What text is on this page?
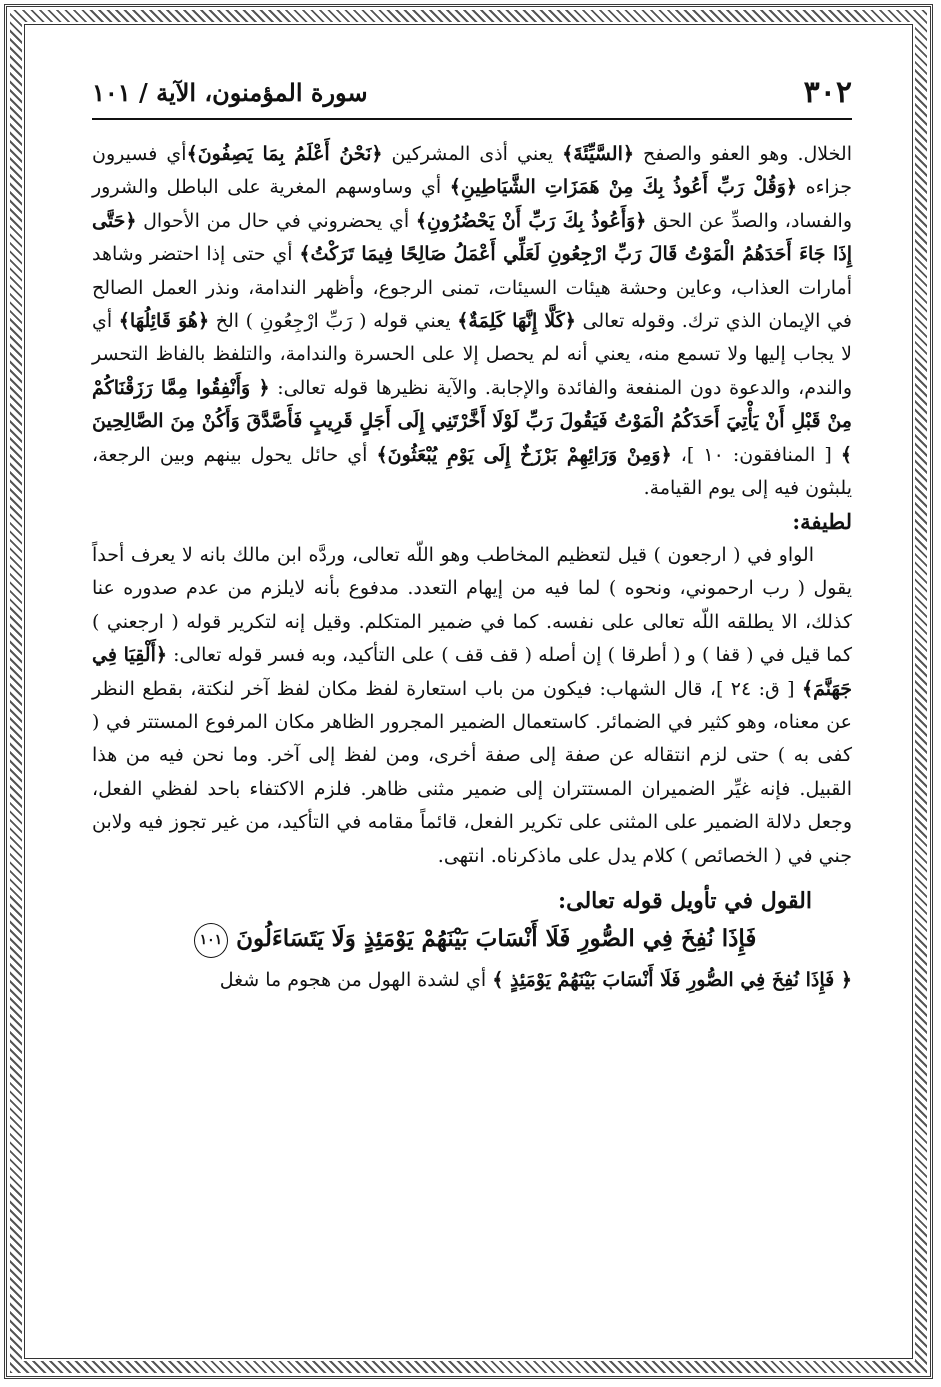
٣٠٢
سورة المؤمنون، الآية / ١٠١

الخلال. وهو العفو والصفح ﴿السَّيِّئَةَ﴾ يعني أذى المشركين ﴿نَحْنُ أَعْلَمُ بِمَا يَصِفُونَ﴾أي فسيرون جزاءه ﴿وَقُلْ رَبِّ أَعُوذُ بِكَ مِنْ هَمَزَاتِ الشَّيَاطِينِ﴾ أي وساوسهم المغرية على الباطل والشرور والفساد، والصدِّ عن الحق ﴿وَأَعُوذُ بِكَ رَبِّ أَنْ يَحْضُرُونِ﴾ أي يحضروني في حال من الأحوال ﴿حَتَّى إِذَا جَاءَ أَحَدَهُمُ الْمَوْتُ قَالَ رَبِّ ارْجِعُونِ لَعَلِّي أَعْمَلُ صَالِحًا فِيمَا تَرَكْتُ﴾ أي حتى إذا احتضر وشاهد أمارات العذاب، وعاين وحشة هيئات السيئات، تمنى الرجوع، وأظهر الندامة، ونذر العمل الصالح في الإيمان الذي ترك. وقوله تعالى ﴿كَلَّا إِنَّهَا كَلِمَةٌ﴾ يعني قوله ( رَبِّ ارْجِعُونِ ) الخ ﴿هُوَ قَائِلُهَا﴾ أي لا يجاب إليها ولا تسمع منه، يعني أنه لم يحصل إلا على الحسرة والندامة، والتلفظ بالفاظ التحسر والندم، والدعوة دون المنفعة والفائدة والإجابة. والآية نظيرها قوله تعالى: ﴿ وَأَنْفِقُوا مِمَّا رَزَقْنَاكُمْ مِنْ قَبْلِ أَنْ يَأْتِيَ أَحَدَكُمُ الْمَوْتُ فَيَقُولَ رَبِّ لَوْلَا أَخَّرْتَنِي إِلَى أَجَلٍ قَرِيبٍ فَأَصَّدَّقَ وَأَكُنْ مِنَ الصَّالِحِينَ ﴾ [ المنافقون: ١٠ ]، ﴿وَمِنْ وَرَائِهِمْ بَرْزَخٌ إِلَى يَوْمِ يُبْعَثُونَ﴾ أي حائل يحول بينهم وبين الرجعة، يلبثون فيه إلى يوم القيامة.

لطيفة:

الواو في ( ارجعون ) قيل لتعظيم المخاطب وهو اللّه تعالى، وردَّه ابن مالك بانه لا يعرف أحداً يقول ( رب ارحموني، ونحوه ) لما فيه من إيهام التعدد. مدفوع بأنه لايلزم من عدم صدوره عنا كذلك، الا يطلقه اللّه تعالى على نفسه. كما في ضمير المتكلم. وقيل إنه لتكرير قوله ( ارجعني ) كما قيل في ( قفا ) و ( أطرقا ) إن أصله ( قف قف ) على التأكيد، وبه فسر قوله تعالى: ﴿أَلْقِيَا فِي جَهَنَّمَ﴾ [ ق: ٢٤ ]، قال الشهاب: فيكون من باب استعارة لفظ مكان لفظ آخر لنكتة، بقطع النظر عن معناه، وهو كثير في الضمائر. كاستعمال الضمير المجرور الظاهر مكان المرفوع المستتر في ( كفى به ) حتى لزم انتقاله عن صفة إلى صفة أخرى، ومن لفظ إلى آخر. وما نحن فيه من هذا القبيل. فإنه غيِّر الضميران المستتران إلى ضمير مثنى ظاهر. فلزم الاكتفاء باحد لفظي الفعل، وجعل دلالة الضمير على المثنى على تكرير الفعل، قائماً مقامه في التأكيد، من غير تجوز فيه ولابن جني في ( الخصائص ) كلام يدل على ماذكرناه. انتهى.

القول في تأويل قوله تعالى:

فَإِذَا نُفِخَ فِي الصُّورِ فَلَا أَنْسَابَ بَيْنَهُمْ يَوْمَئِذٍ وَلَا يَتَسَاءَلُونَ ١٠١

﴿ فَإِذَا نُفِخَ فِي الصُّورِ فَلَا أَنْسَابَ بَيْنَهُمْ يَوْمَئِذٍ ﴾ أي لشدة الهول من هجوم ما شغل
